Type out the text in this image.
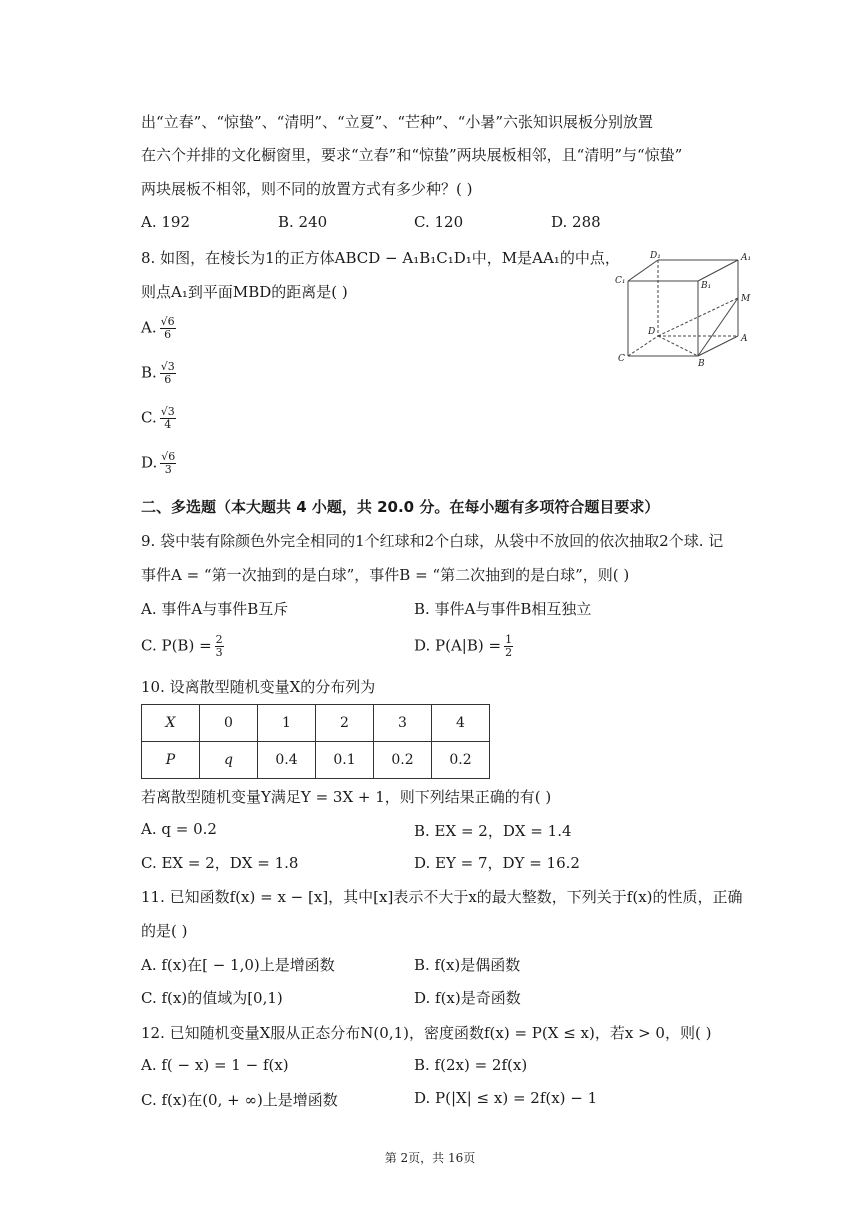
出“立春”、“惊蛰”、“清明”、“立夏”、“芒种”、“小暑”六张知识展板分别放置
在六个并排的文化橱窗里，要求“立春”和“惊蛰”两块展板相邻，且“清明”与“惊蛰”
两块展板不相邻，则不同的放置方式有多少种？( )
A. 192	B. 240	C. 120	D. 288
8. 如图，在棱长为1的正方体ABCD − A₁B₁C₁D₁中，M是AA₁的中点，
则点A₁到平面MBD的距离是( )
A. $\frac{√6}{6}$
B. $\frac{√3}{6}$
C. $\frac{√3}{4}$
D. $\frac{√6}{3}$
D₁	A₁
C₁	B₁
M
D
A
C	B
二、多选题（本大题共 4 小题，共 20.0 分。在每小题有多项符合题目要求）
9. 袋中装有除颜色外完全相同的1个红球和2个白球，从袋中不放回的依次抽取2个球. 记
事件A = “第一次抽到的是白球”，事件B = “第二次抽到的是白球”，则( )
A. 事件A与事件B互斥	B. 事件A与事件B相互独立
C. $P(B) = \frac{2}{3}$	D. $P(A|B) = \frac{1}{2}$
10. 设离散型随机变量X的分布列为
X	0	1	2	3	4
P	q	0.4	0.1	0.2	0.2
若离散型随机变量Y满足Y = 3X + 1，则下列结果正确的有( )
A. q = 0.2	B. EX = 2，DX = 1.4
C. EX = 2，DX = 1.8	D. EY = 7，DY = 16.2
11. 已知函数f(x) = x − [x]，其中[x]表示不大于x的最大整数，下列关于f(x)的性质，正确
的是( )
A. f(x)在[ − 1,0)上是增函数	B. f(x)是偶函数
C. f(x)的值域为[0,1)	D. f(x)是奇函数
12. 已知随机变量X服从正态分布N(0,1)，密度函数f(x) = P(X ≤ x)，若x > 0，则( )
A. f( − x) = 1 − f(x)	B. f(2x) = 2f(x)
C. f(x)在(0, + ∞)上是增函数	D. P(|X| ≤ x) = 2f(x) − 1
第 2页，共 16页
